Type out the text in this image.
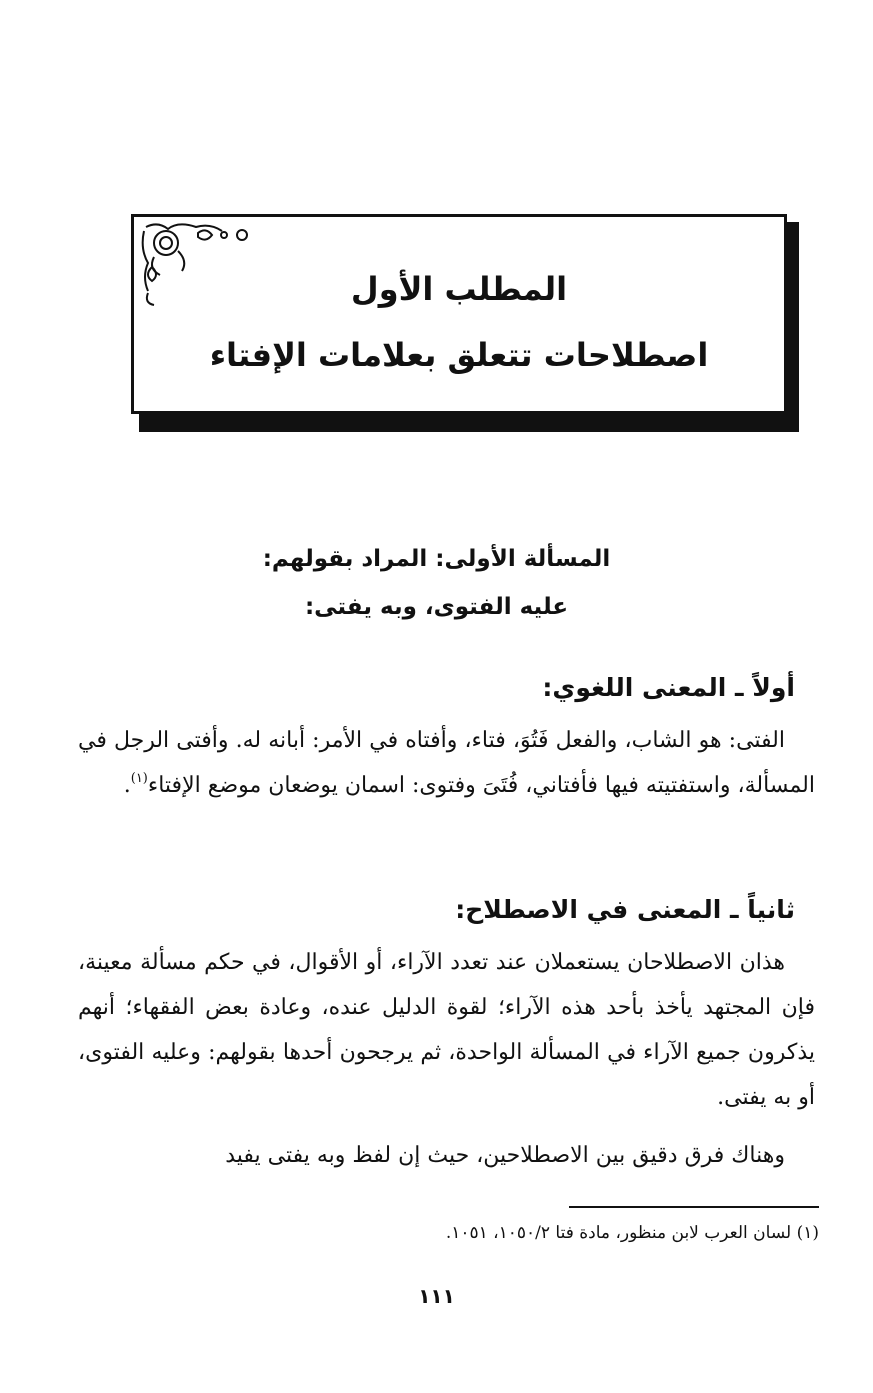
المطلب الأول
اصطلاحات تتعلق بعلامات الإفتاء
المسألة الأولى: المراد بقولهم:
عليه الفتوى، وبه يفتى:
أولاً ـ المعنى اللغوي:
الفتى: هو الشاب، والفعل فَتُوَ، فتاء، وأفتاه في الأمر: أبانه له. وأفتى الرجل في المسألة، واستفتيته فيها فأفتاني، فُتَىَ وفتوى: اسمان يوضعان موضع الإفتاء$^{(١)}$.
ثانياً ـ المعنى في الاصطلاح:
هذان الاصطلاحان يستعملان عند تعدد الآراء، أو الأقوال، في حكم مسألة معينة، فإن المجتهد يأخذ بأحد هذه الآراء؛ لقوة الدليل عنده، وعادة بعض الفقهاء؛ أنهم يذكرون جميع الآراء في المسألة الواحدة، ثم يرجحون أحدها بقولهم: وعليه الفتوى، أو به يفتى.
وهناك فرق دقيق بين الاصطلاحين، حيث إن لفظ وبه يفتى يفيد
(١) لسان العرب لابن منظور، مادة فتا ١٠٥٠/٢، ١٠٥١.
١١١
